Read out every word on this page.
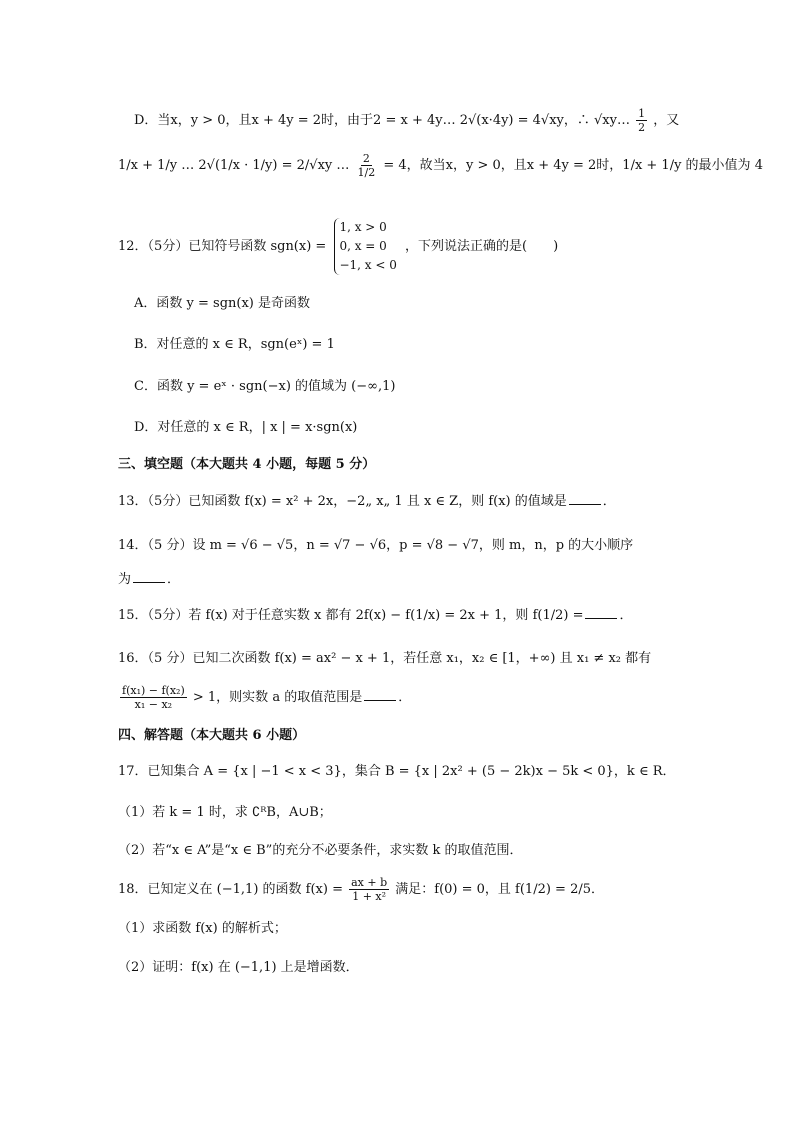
D．当x，y > 0，且x + 4y = 2时，由于2 = x + 4y… 2√(x·4y) = 4√xy，∴ √xy… $\frac{1}{2}$ ，又
1/x + 1/y … 2√(1/x · 1/y) = 2/√xy … $\frac{2}{1/2} = 4$，故当x，y > 0，且x + 4y = 2时，1/x + 1/y 的最小值为 4
12．（5分）已知符号函数 sgn(x) =
1, x > 0
0, x = 0
−1, x < 0
，下列说法正确的是(　　)
A．函数 y = sgn(x) 是奇函数
B．对任意的 x ∈ R，sgn(eˣ) = 1
C．函数 y = eˣ · sgn(−x) 的值域为 (−∞,1)
D．对任意的 x ∈ R，| x | = x·sgn(x)
三、填空题（本大题共 4 小题，每题 5 分）
13．（5分）已知函数 f(x) = x² + 2x，−2„ x„ 1 且 x ∈ Z，则 f(x) 的值域是	．
14．（5 分）设 m = √6 − √5，n = √7 − √6，p = √8 − √7，则 m，n，p 的大小顺序
为	．
15．（5分）若 f(x) 对于任意实数 x 都有 2f(x) − f(1/x) = 2x + 1，则 f(1/2) =	．
16．（5 分）已知二次函数 f(x) = ax² − x + 1，若任意 x₁，x₂ ∈ [1，+∞) 且 x₁ ≠ x₂ 都有
$\frac{\text{f(x₁) − f(x₂)}}{\text{x₁ − x₂}} > 1$，则实数 a 的取值范围是	．
四、解答题（本大题共 6 小题）
17．已知集合 A = {x | −1 < x < 3}，集合 B = {x | 2x² + (5 − 2k)x − 5k < 0}，k ∈ R．
（1）若 k = 1 时，求 ∁ᴿB，A∪B；
（2）若“x ∈ A”是“x ∈ B”的充分不必要条件，求实数 k 的取值范围．
18．已知定义在 (−1,1) 的函数 $f(x) = \frac{ax + b}{\text{1 + x²}}$ 满足：f(0) = 0，且 f(1/2) = 2/5．
（1）求函数 f(x) 的解析式；
（2）证明：f(x) 在 (−1,1) 上是增函数．
